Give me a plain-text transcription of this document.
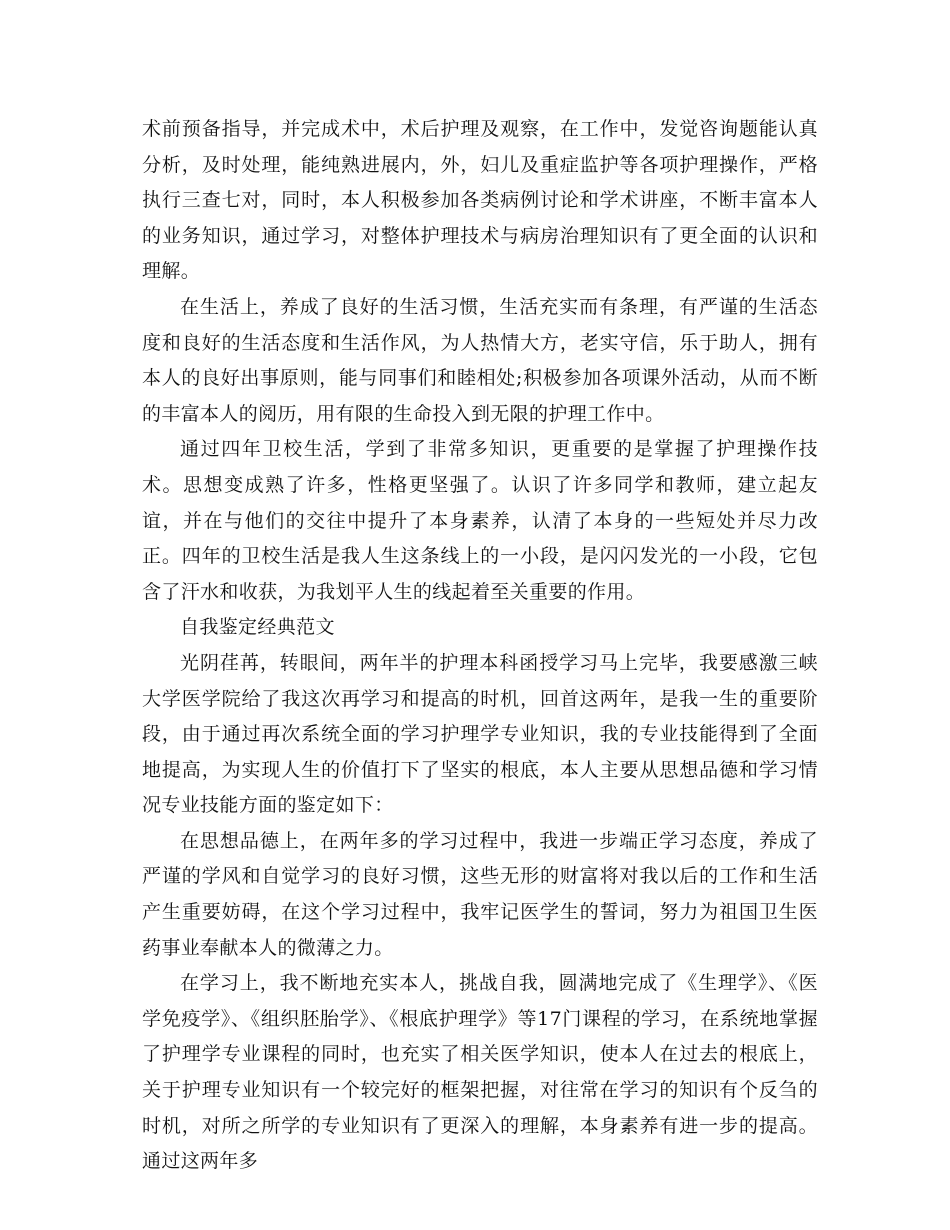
术前预备指导，并完成术中，术后护理及观察，在工作中，发觉咨询题能认真分析，及时处理，能纯熟进展内，外，妇儿及重症监护等各项护理操作，严格执行三查七对，同时，本人积极参加各类病例讨论和学术讲座，不断丰富本人的业务知识，通过学习，对整体护理技术与病房治理知识有了更全面的认识和理解。

在生活上，养成了良好的生活习惯，生活充实而有条理，有严谨的生活态度和良好的生活态度和生活作风，为人热情大方，老实守信，乐于助人，拥有本人的良好出事原则，能与同事们和睦相处;积极参加各项课外活动，从而不断的丰富本人的阅历，用有限的生命投入到无限的护理工作中。

通过四年卫校生活，学到了非常多知识，更重要的是掌握了护理操作技术。思想变成熟了许多，性格更坚强了。认识了许多同学和教师，建立起友谊，并在与他们的交往中提升了本身素养，认清了本身的一些短处并尽力改正。四年的卫校生活是我人生这条线上的一小段，是闪闪发光的一小段，它包含了汗水和收获，为我划平人生的线起着至关重要的作用。

自我鉴定经典范文

光阴荏苒，转眼间，两年半的护理本科函授学习马上完毕，我要感激三峡大学医学院给了我这次再学习和提高的时机，回首这两年，是我一生的重要阶段，由于通过再次系统全面的学习护理学专业知识，我的专业技能得到了全面地提高，为实现人生的价值打下了坚实的根底，本人主要从思想品德和学习情况专业技能方面的鉴定如下：

在思想品德上，在两年多的学习过程中，我进一步端正学习态度，养成了严谨的学风和自觉学习的良好习惯，这些无形的财富将对我以后的工作和生活产生重要妨碍，在这个学习过程中，我牢记医学生的誓词，努力为祖国卫生医药事业奉献本人的微薄之力。

在学习上，我不断地充实本人，挑战自我，圆满地完成了《生理学》、《医学免疫学》、《组织胚胎学》、《根底护理学》等17门课程的学习，在系统地掌握了护理学专业课程的同时，也充实了相关医学知识，使本人在过去的根底上，关于护理专业知识有一个较完好的框架把握，对往常在学习的知识有个反刍的时机，对所之所学的专业知识有了更深入的理解，本身素养有进一步的提高。通过这两年多
